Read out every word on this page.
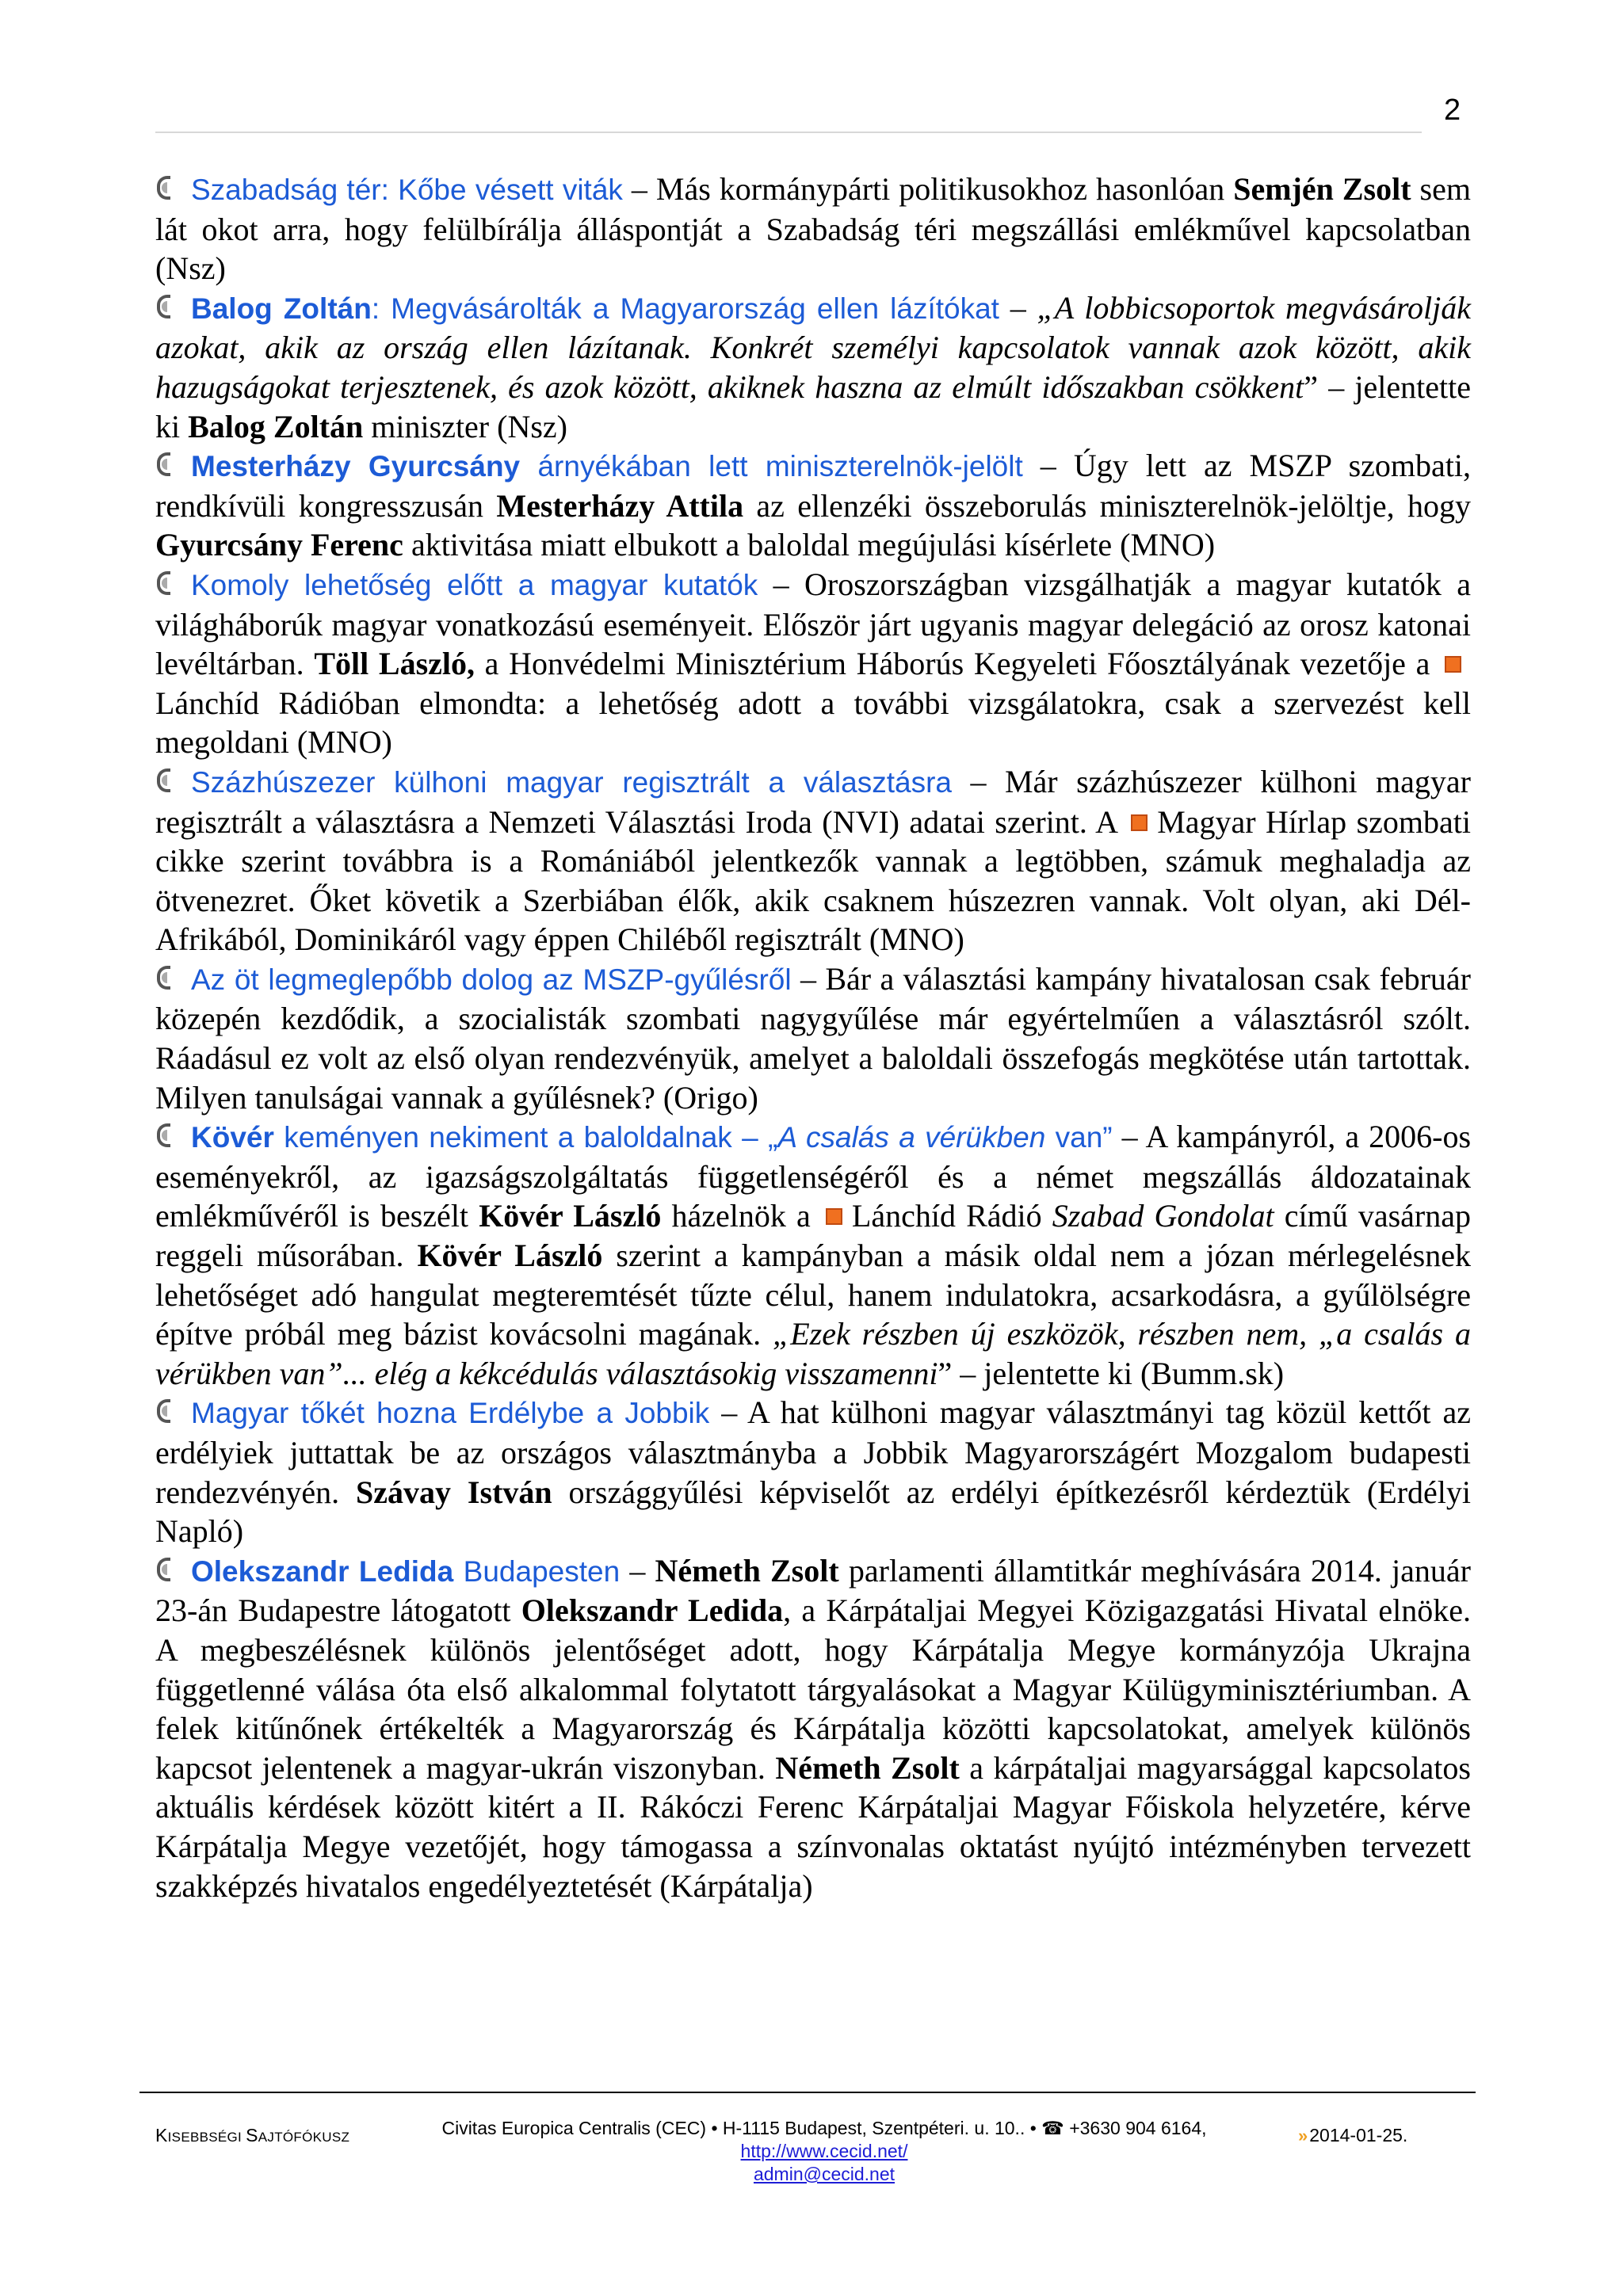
2

Szabadság tér: Kőbe vésett viták – Más kormánypárti politikusokhoz hasonlóan Semjén Zsolt sem lát okot arra, hogy felülbírálja álláspontját a Szabadság téri megszállási emlékművel kapcsolatban (Nsz)

Balog Zoltán: Megvásárolták a Magyarország ellen lázítókat – „A lobbicsoportok megvásárolják azokat, akik az ország ellen lázítanak. Konkrét személyi kapcsolatok vannak azok között, akik hazugságokat terjesztenek, és azok között, akiknek haszna az elmúlt időszakban csökkent” – jelentette ki Balog Zoltán miniszter (Nsz)

Mesterházy Gyurcsány árnyékában lett miniszterelnök-jelölt – Úgy lett az MSZP szombati, rendkívüli kongresszusán Mesterházy Attila az ellenzéki összeborulás miniszterelnök-jelöltje, hogy Gyurcsány Ferenc aktivitása miatt elbukott a baloldal megújulási kísérlete (MNO)

Komoly lehetőség előtt a magyar kutatók – Oroszországban vizsgálhatják a magyar kutatók a világháborúk magyar vonatkozású eseményeit. Először járt ugyanis magyar delegáció az orosz katonai levéltárban. Töll László, a Honvédelmi Minisztérium Háborús Kegyeleti Főosztályának vezetője a Lánchíd Rádióban elmondta: a lehetőség adott a további vizsgálatokra, csak a szervezést kell megoldani (MNO)

Százhúszezer külhoni magyar regisztrált a választásra – Már százhúszezer külhoni magyar regisztrált a választásra a Nemzeti Választási Iroda (NVI) adatai szerint. A Magyar Hírlap szombati cikke szerint továbbra is a Romániából jelentkezők vannak a legtöbben, számuk meghaladja az ötvenezret. Őket követik a Szerbiában élők, akik csaknem húszezren vannak. Volt olyan, aki Dél-Afrikából, Dominikáról vagy éppen Chiléből regisztrált (MNO)

Az öt legmeglepőbb dolog az MSZP-gyűlésről – Bár a választási kampány hivatalosan csak február közepén kezdődik, a szocialisták szombati nagygyűlése már egyértelműen a választásról szólt. Ráadásul ez volt az első olyan rendezvényük, amelyet a baloldali összefogás megkötése után tartottak. Milyen tanulságai vannak a gyűlésnek? (Origo)

Kövér keményen nekiment a baloldalnak – „A csalás a vérükben van” – A kampányról, a 2006-os eseményekről, az igazságszolgáltatás függetlenségéről és a német megszállás áldozatainak emlékművéről is beszélt Kövér László házelnök a Lánchíd Rádió Szabad Gondolat című vasárnap reggeli műsorában. Kövér László szerint a kampányban a másik oldal nem a józan mérlegelésnek lehetőséget adó hangulat megteremtését tűzte célul, hanem indulatokra, acsarkodásra, a gyűlölségre építve próbál meg bázist kovácsolni magának. „Ezek részben új eszközök, részben nem, „a csalás a vérükben van”... elég a kékcédulás választásokig visszamenni” – jelentette ki (Bumm.sk)

Magyar tőkét hozna Erdélybe a Jobbik – A hat külhoni magyar választmányi tag közül kettőt az erdélyiek juttattak be az országos választmányba a Jobbik Magyarországért Mozgalom budapesti rendezvényén. Szávay István országgyűlési képviselőt az erdélyi építkezésről kérdeztük (Erdélyi Napló)

Olekszandr Ledida Budapesten – Németh Zsolt parlamenti államtitkár meghívására 2014. január 23-án Budapestre látogatott Olekszandr Ledida, a Kárpátaljai Megyei Közigazgatási Hivatal elnöke. A megbeszélésnek különös jelentőséget adott, hogy Kárpátalja Megye kormányzója Ukrajna függetlenné válása óta első alkalommal folytatott tárgyalásokat a Magyar Külügyminisztériumban. A felek kitűnőnek értékelték a Magyarország és Kárpátalja közötti kapcsolatokat, amelyek különös kapcsot jelentenek a magyar-ukrán viszonyban. Németh Zsolt a kárpátaljai magyarsággal kapcsolatos aktuális kérdések között kitért a II. Rákóczi Ferenc Kárpátaljai Magyar Főiskola helyzetére, kérve Kárpátalja Megye vezetőjét, hogy támogassa a színvonalas oktatást nyújtó intézményben tervezett szakképzés hivatalos engedélyeztetését (Kárpátalja)

KISEBBSÉGI SAJTÓFÓKUSZ	Civitas Europica Centralis (CEC) • H-1115 Budapest, Szentpéteri. u. 10.. • ☎ +3630 904 6164,
http://www.cecid.net/
admin@cecid.net
»2014-01-25.
